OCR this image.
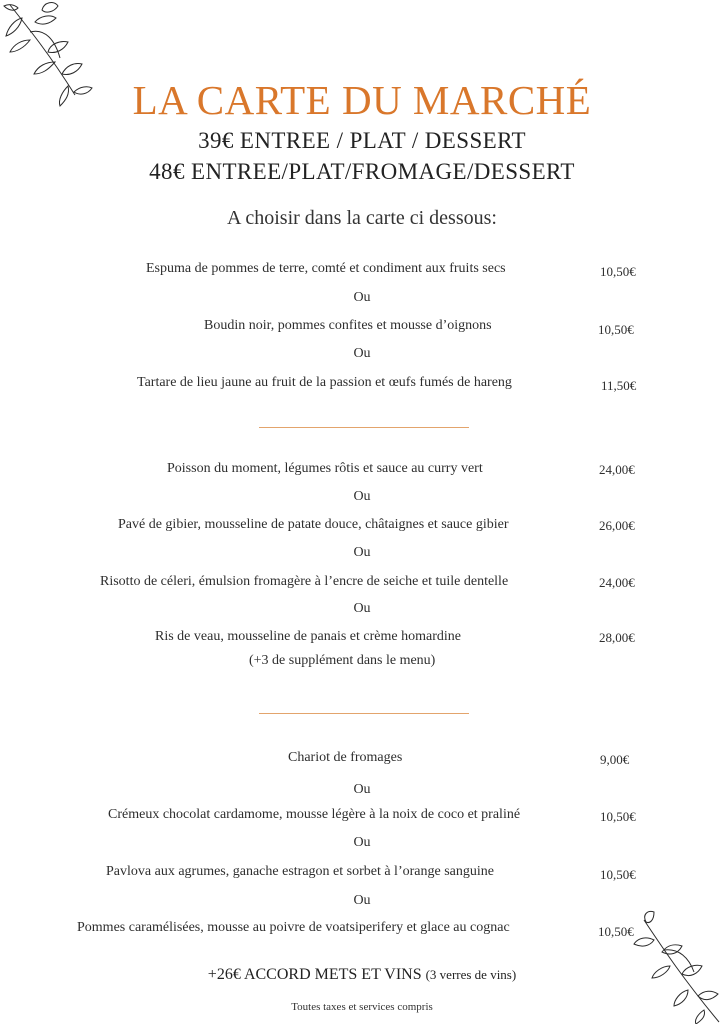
LA CARTE DU MARCHÉ
39€ ENTREE / PLAT / DESSERT
48€ ENTREE/PLAT/FROMAGE/DESSERT
A choisir dans la carte ci dessous:
Espuma de pommes de terre, comté et condiment aux fruits secs	10,50€
Ou
Boudin noir, pommes confites et mousse d’oignons	10,50€
Ou
Tartare de lieu jaune au fruit de la passion et œufs fumés de hareng	11,50€
Poisson du moment, légumes rôtis et sauce au curry vert	24,00€
Ou
Pavé de gibier, mousseline de patate douce, châtaignes et sauce gibier	26,00€
Ou
Risotto de céleri, émulsion fromagère à l’encre de seiche et tuile dentelle	24,00€
Ou
Ris de veau, mousseline de panais et crème homardine	28,00€
(+3 de supplément dans le menu)
Chariot de fromages	9,00€
Ou
Crémeux chocolat cardamome, mousse légère à la noix de coco et praliné	10,50€
Ou
Pavlova aux agrumes, ganache estragon et sorbet à l’orange sanguine	10,50€
Ou
Pommes caramélisées, mousse au poivre de voatsiperifery et glace au cognac	10,50€
+26€ ACCORD METS ET VINS (3 verres de vins)
Toutes taxes et services compris
